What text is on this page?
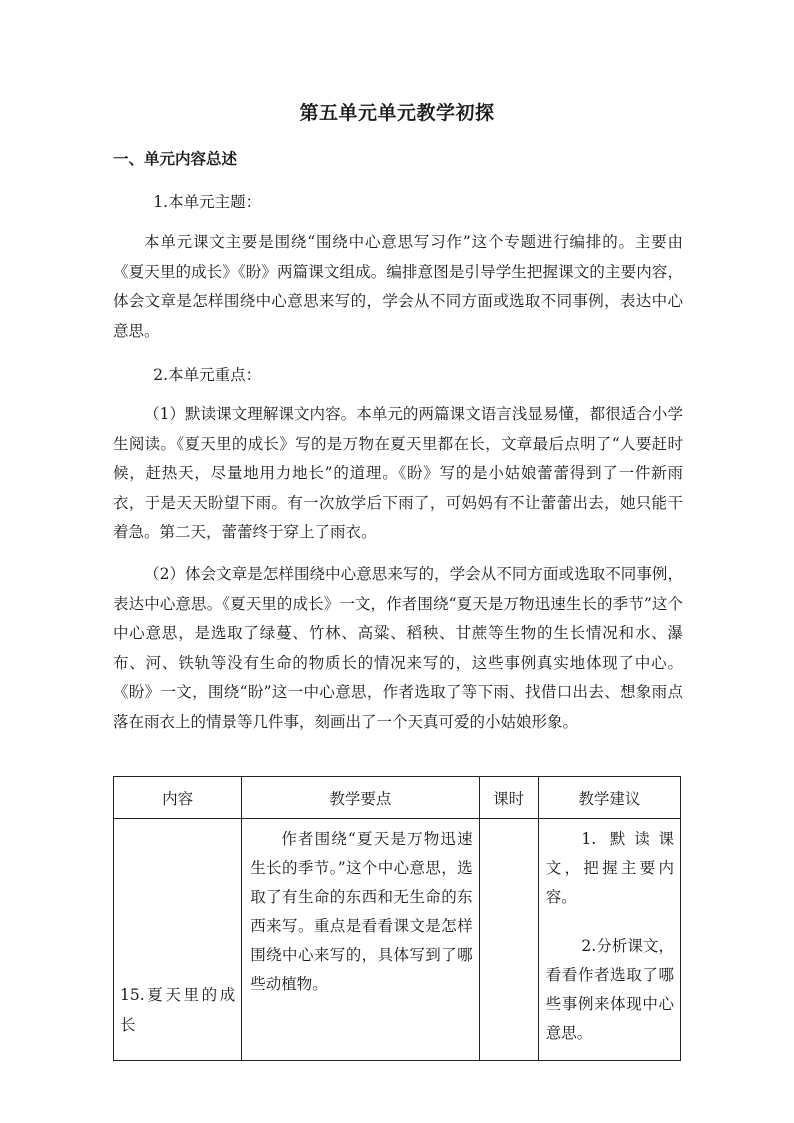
第五单元单元教学初探
一、单元内容总述
1.本单元主题：

本单元课文主要是围绕“围绕中心意思写习作”这个专题进行编排的。主要由《夏天里的成长》《盼》两篇课文组成。编排意图是引导学生把握课文的主要内容，体会文章是怎样围绕中心意思来写的，学会从不同方面或选取不同事例，表达中心意思。

2.本单元重点：

（1）默读课文理解课文内容。本单元的两篇课文语言浅显易懂，都很适合小学生阅读。《夏天里的成长》写的是万物在夏天里都在长，文章最后点明了“人要赶时候，赶热天，尽量地用力地长”的道理。《盼》写的是小姑娘蕾蕾得到了一件新雨衣，于是天天盼望下雨。有一次放学后下雨了，可妈妈有不让蕾蕾出去，她只能干着急。第二天，蕾蕾终于穿上了雨衣。

（2）体会文章是怎样围绕中心意思来写的，学会从不同方面或选取不同事例，表达中心意思。《夏天里的成长》一文，作者围绕“夏天是万物迅速生长的季节”这个中心意思，是选取了绿蔓、竹林、高粱、稻秧、甘蔗等生物的生长情况和水、瀑布、河、铁轨等没有生命的物质长的情况来写的，这些事例真实地体现了中心。《盼》一文，围绕“盼”这一中心意思，作者选取了等下雨、找借口出去、想象雨点落在雨衣上的情景等几件事，刻画出了一个天真可爱的小姑娘形象。

内容	教学要点	课时	教学建议
15.夏天里的成长	作者围绕“夏天是万物迅速生长的季节。”这个中心意思，选取了有生命的东西和无生命的东西来写。重点是看看课文是怎样围绕中心来写的，具体写到了哪些动植物。		1. 默读课文，把握主要内容。

2.分析课文，看看作者选取了哪些事例来体现中心意思。
